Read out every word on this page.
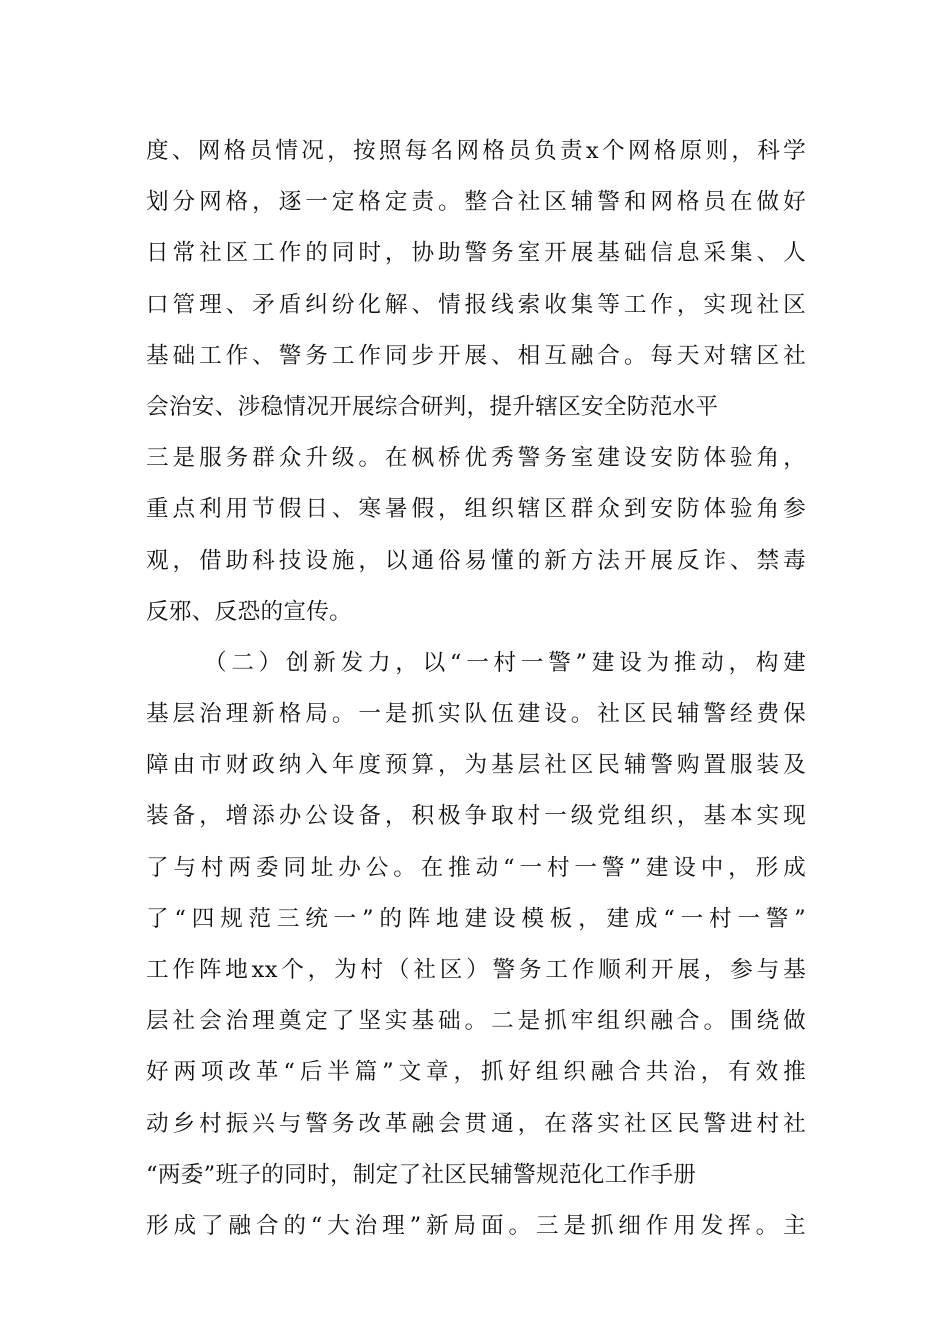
度、网格员情况，按照每名网格员负责x个网格原则，科学
划分网格，逐一定格定责。整合社区辅警和网格员在做好
日常社区工作的同时，协助警务室开展基础信息采集、人
口管理、矛盾纠纷化解、情报线索收集等工作，实现社区
基础工作、警务工作同步开展、相互融合。每天对辖区社
会治安、涉稳情况开展综合研判，提升辖区安全防范水平
三是服务群众升级。在枫桥优秀警务室建设安防体验角，
重点利用节假日、寒暑假，组织辖区群众到安防体验角参
观，借助科技设施，以通俗易懂的新方法开展反诈、禁毒
反邪、反恐的宣传。
（二）创新发力，以“一村一警”建设为推动，构建
基层治理新格局。一是抓实队伍建设。社区民辅警经费保
障由市财政纳入年度预算，为基层社区民辅警购置服装及
装备，增添办公设备，积极争取村一级党组织，基本实现
了与村两委同址办公。在推动“一村一警”建设中，形成
了“四规范三统一”的阵地建设模板，建成“一村一警”
工作阵地xx个，为村（社区）警务工作顺利开展，参与基
层社会治理奠定了坚实基础。二是抓牢组织融合。围绕做
好两项改革“后半篇”文章，抓好组织融合共治，有效推
动乡村振兴与警务改革融会贯通，在落实社区民警进村社
“两委”班子的同时，制定了社区民辅警规范化工作手册
形成了融合的“大治理”新局面。三是抓细作用发挥。主
